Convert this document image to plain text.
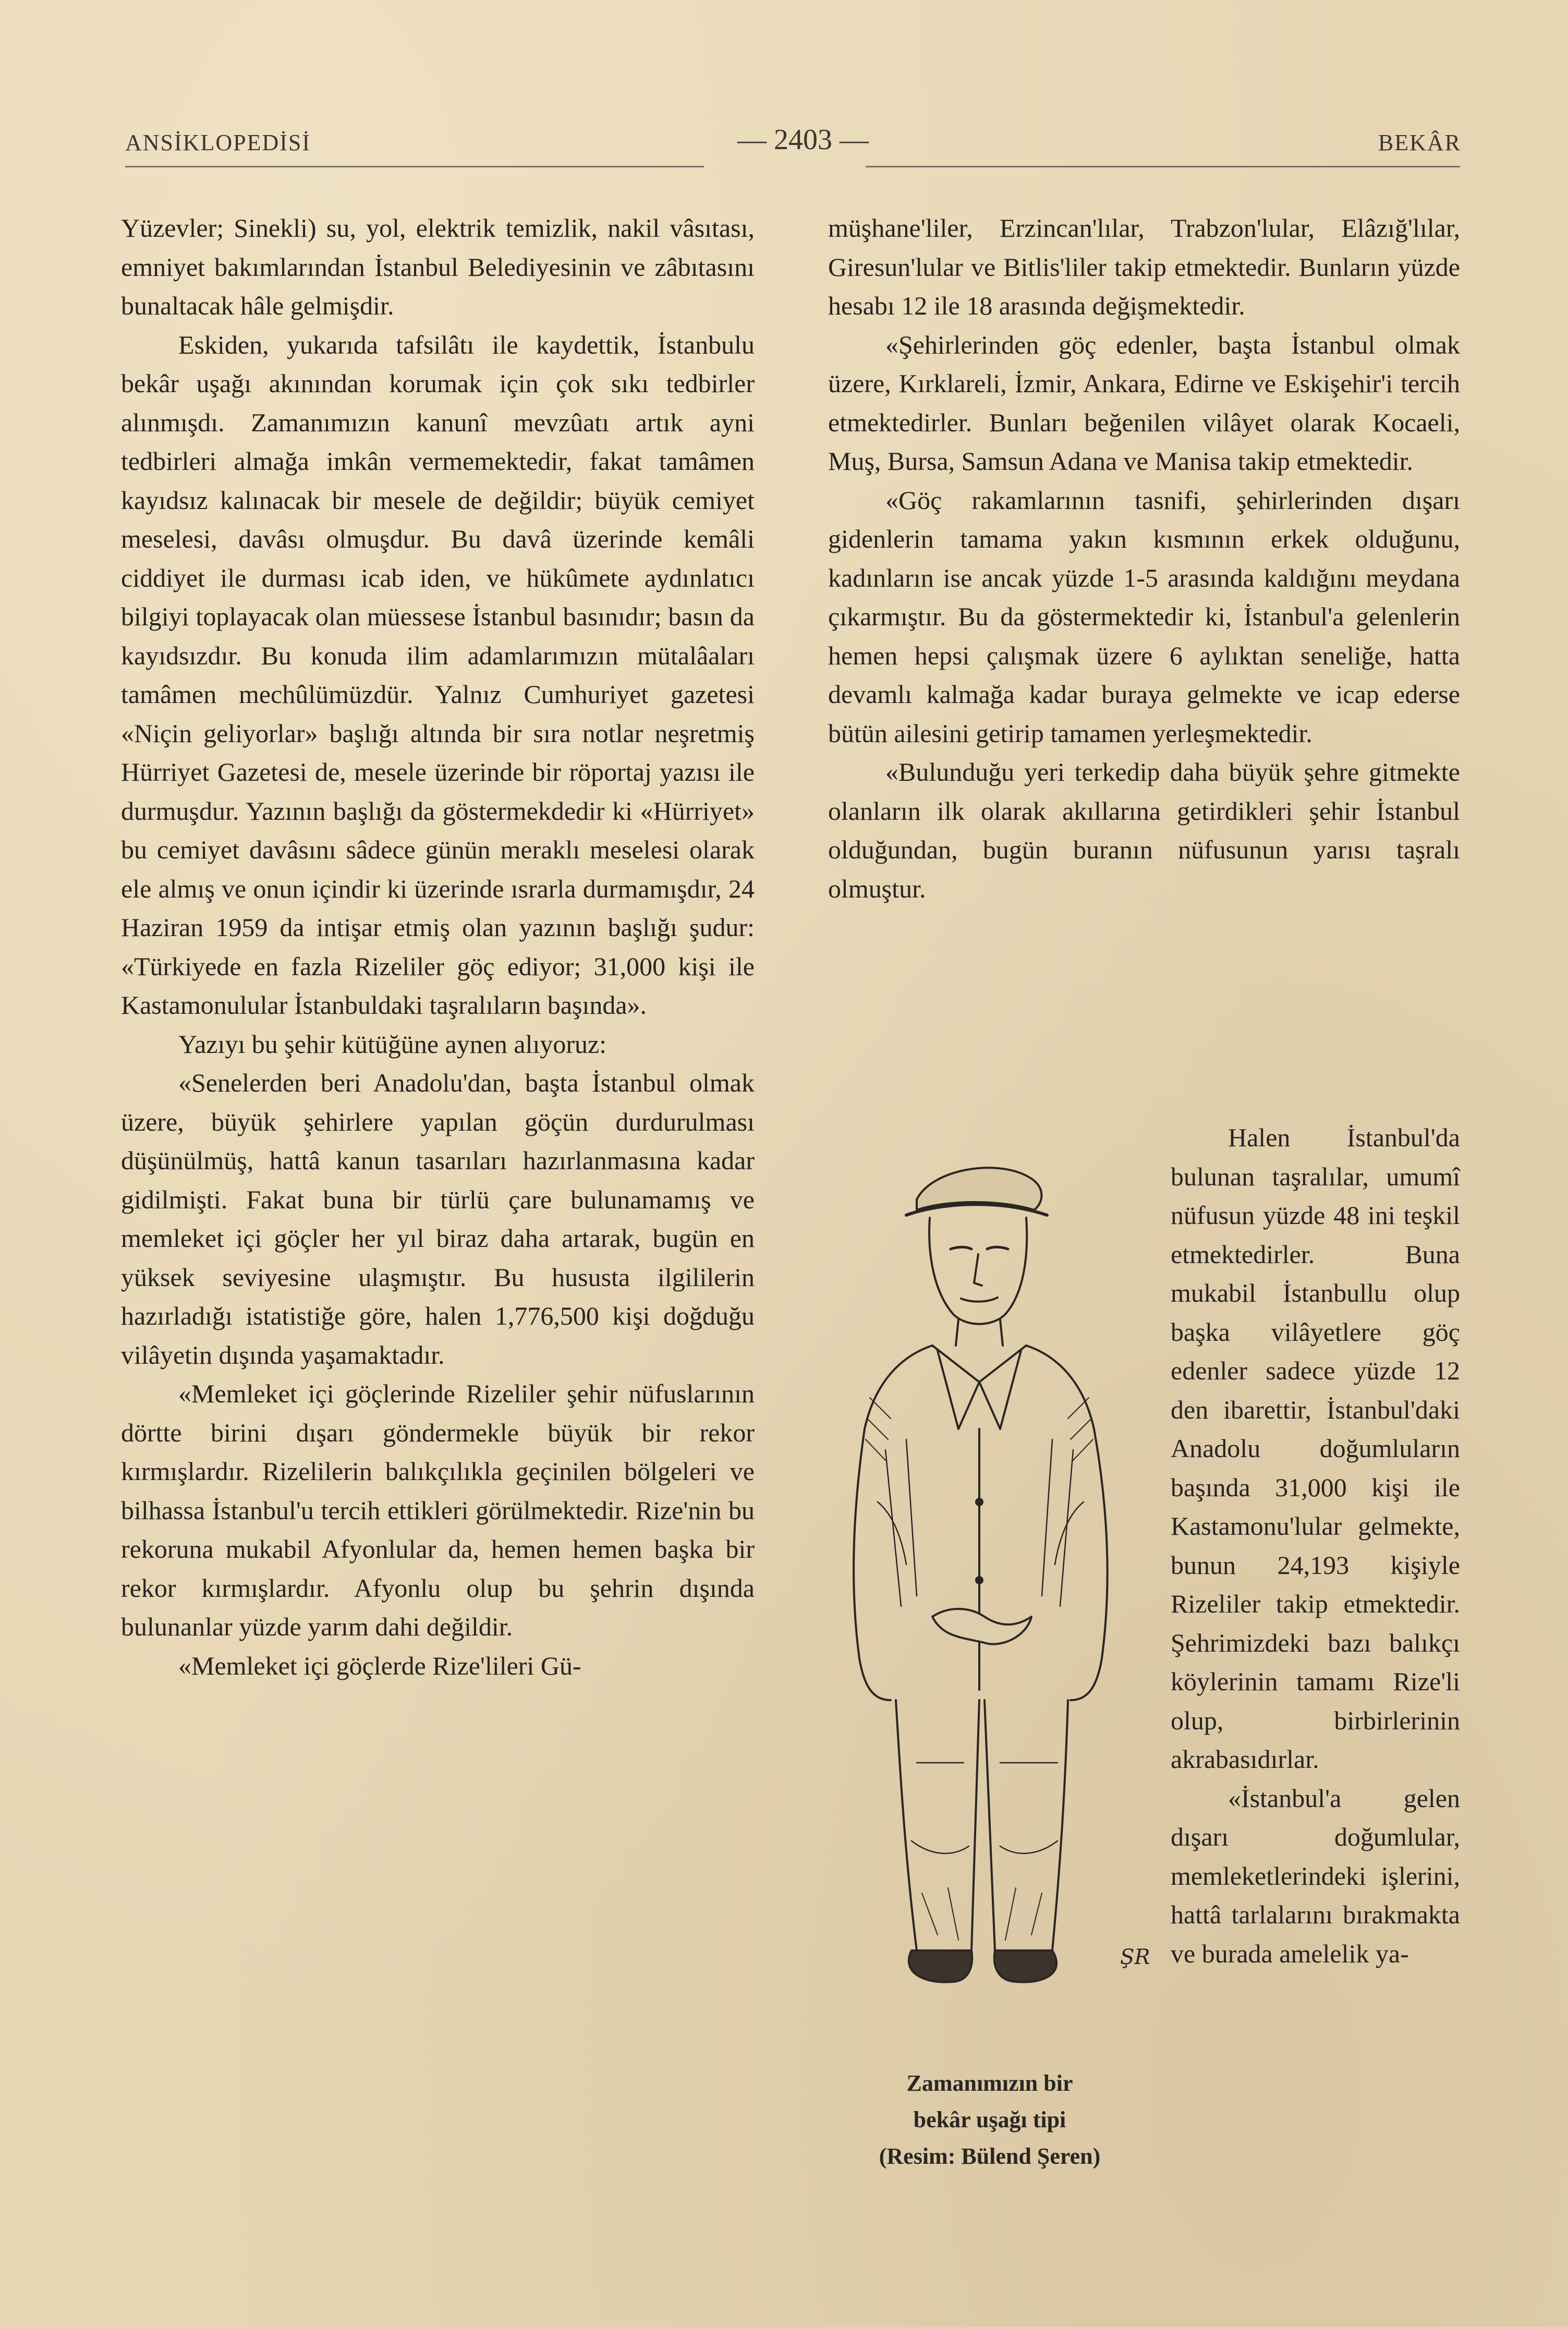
ANSİKLOPEDİSİ	— 2403 —	BEKÂR

Yüzevler; Sinekli) su, yol, elektrik temizlik, nakil vâsıtası, emniyet bakımlarından İstanbul Belediyesinin ve zâbıtasını bunaltacak hâle gelmişdir.

Eskiden, yukarıda tafsilâtı ile kaydettik, İstanbulu bekâr uşağı akınından korumak için çok sıkı tedbirler alınmışdı. Zamanımızın kanunî mevzûatı artık ayni tedbirleri almağa imkân vermemektedir, fakat tamâmen kayıdsız kalınacak bir mesele de değildir; büyük cemiyet meselesi, davâsı olmuşdur. Bu davâ üzerinde kemâli ciddiyet ile durması icab iden, ve hükûmete aydınlatıcı bilgiyi toplayacak olan müessese İstanbul basınıdır; basın da kayıdsızdır. Bu konuda ilim adamlarımızın mütalâaları tamâmen mechûlümüzdür. Yalnız Cumhuriyet gazetesi «Niçin geliyorlar» başlığı altında bir sıra notlar neşretmiş Hürriyet Gazetesi de, mesele üzerinde bir röportaj yazısı ile durmuşdur. Yazının başlığı da göstermekdedir ki «Hürriyet» bu cemiyet davâsını sâdece günün meraklı meselesi olarak ele almış ve onun içindir ki üzerinde ısrarla durmamışdır, 24 Haziran 1959 da intişar etmiş olan yazının başlığı şudur: «Türkiyede en fazla Rizeliler göç ediyor; 31,000 kişi ile Kastamonulular İstanbuldaki taşralıların başında».

Yazıyı bu şehir kütüğüne aynen alıyoruz:

«Senelerden beri Anadolu'dan, başta İstanbul olmak üzere, büyük şehirlere yapılan göçün durdurulması düşünülmüş, hattâ kanun tasarıları hazırlanmasına kadar gidilmişti. Fakat buna bir türlü çare bulunamamış ve memleket içi göçler her yıl biraz daha artarak, bugün en yüksek seviyesine ulaşmıştır. Bu hususta ilgililerin hazırladığı istatistiğe göre, halen 1,776,500 kişi doğduğu vilâyetin dışında yaşamaktadır.

«Memleket içi göçlerinde Rizeliler şehir nüfuslarının dörtte birini dışarı göndermekle büyük bir rekor kırmışlardır. Rizelilerin balıkçılıkla geçinilen bölgeleri ve bilhassa İstanbul'u tercih ettikleri görülmektedir. Rize'nin bu rekoruna mukabil Afyonlular da, hemen hemen başka bir rekor kırmışlardır. Afyonlu olup bu şehrin dışında bulunanlar yüzde yarım dahi değildir.

«Memleket içi göçlerde Rize'lileri Gü-

müşhane'liler, Erzincan'lılar, Trabzon'lular, Elâzığ'lılar, Giresun'lular ve Bitlis'liler takip etmektedir. Bunların yüzde hesabı 12 ile 18 arasında değişmektedir.

«Şehirlerinden göç edenler, başta İstanbul olmak üzere, Kırklareli, İzmir, Ankara, Edirne ve Eskişehir'i tercih etmektedirler. Bunları beğenilen vilâyet olarak Kocaeli, Muş, Bursa, Samsun Adana ve Manisa takip etmektedir.

«Göç rakamlarının tasnifi, şehirlerinden dışarı gidenlerin tamama yakın kısmının erkek olduğunu, kadınların ise ancak yüzde 1-5 arasında kaldığını meydana çıkarmıştır. Bu da göstermektedir ki, İstanbul'a gelenlerin hemen hepsi çalışmak üzere 6 aylıktan seneliğe, hatta devamlı kalmağa kadar buraya gelmekte ve icap ederse bütün ailesini getirip tamamen yerleşmektedir.

«Bulunduğu yeri terkedip daha büyük şehre gitmekte olanların ilk olarak akıllarına getirdikleri şehir İstanbul olduğundan, bugün buranın nüfusunun yarısı taşralı olmuştur.

ŞR
Zamanımızın bir
bekâr uşağı tipi
(Resim: Bülend Şeren)

Halen İstanbul'da bulunan taşralılar, umumî nüfusun yüzde 48 ini teşkil etmektedirler. Buna mukabil İstanbullu olup başka vilâyetlere göç edenler sadece yüzde 12 den ibarettir, İstanbul'daki Anadolu doğumluların başında 31,000 kişi ile Kastamonu'lular gelmekte, bunun 24,193 kişiyle Rizeliler takip etmektedir. Şehrimizdeki bazı balıkçı köylerinin tamamı Rize'li olup, birbirlerinin akrabasıdırlar.

«İstanbul'a gelen dışarı doğumlular, memleketlerindeki işlerini, hattâ tarlalarını bırakmakta ve burada amelelik ya-
